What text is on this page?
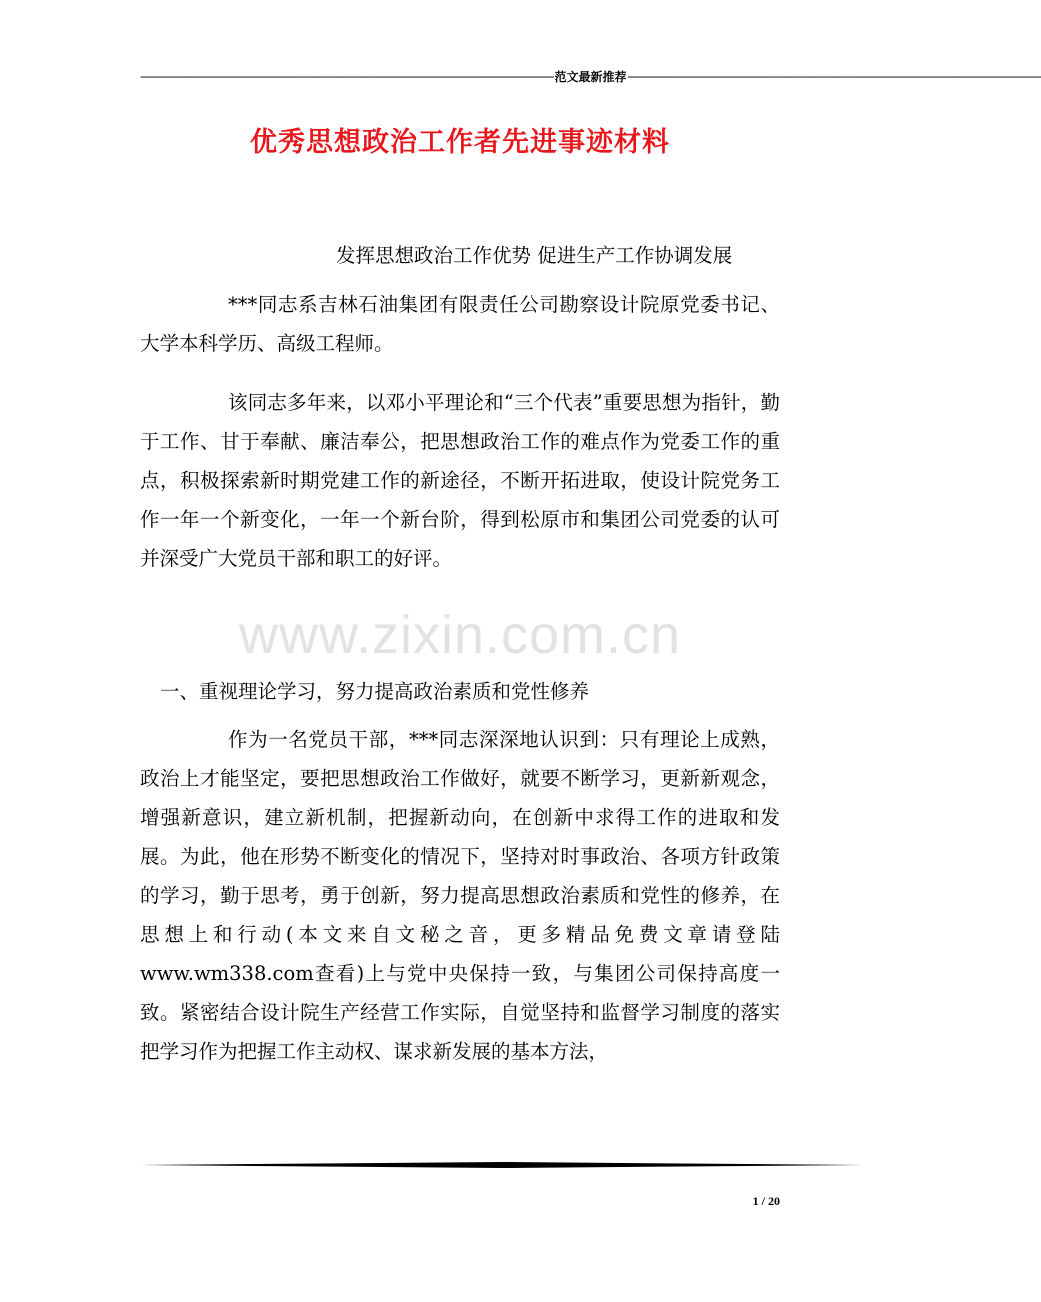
------------------------------------------------------------------------------------------------------------------------------------------ 范文最新推荐 ------------------------------------------------------------------------------------------------------------------------------------------
优秀思想政治工作者先进事迹材料
发挥思想政治工作优势 促进生产工作协调发展
***同志系吉林石油集团有限责任公司勘察设计院原党委书记、大学本科学历、高级工程师。
该同志多年来，以邓小平理论和“三个代表”重要思想为指针，勤于工作、甘于奉献、廉洁奉公，把思想政治工作的难点作为党委工作的重点，积极探索新时期党建工作的新途径，不断开拓进取，使设计院党务工作一年一个新变化，一年一个新台阶，得到松原市和集团公司党委的认可并深受广大党员干部和职工的好评。
www.zixin.com.cn
一、重视理论学习，努力提高政治素质和党性修养
作为一名党员干部，***同志深深地认识到：只有理论上成熟，政治上才能坚定，要把思想政治工作做好，就要不断学习，更新新观念，增强新意识，建立新机制，把握新动向，在创新中求得工作的进取和发展。为此，他在形势不断变化的情况下，坚持对时事政治、各项方针政策的学习，勤于思考，勇于创新，努力提高思想政治素质和党性的修养，在思想上和行动(本文来自文秘之音，更多精品免费文章请登陆www.wm338.com查看)上与党中央保持一致，与集团公司保持高度一致。紧密结合设计院生产经营工作实际，自觉坚持和监督学习制度的落实把学习作为把握工作主动权、谋求新发展的基本方法，
1 / 20
